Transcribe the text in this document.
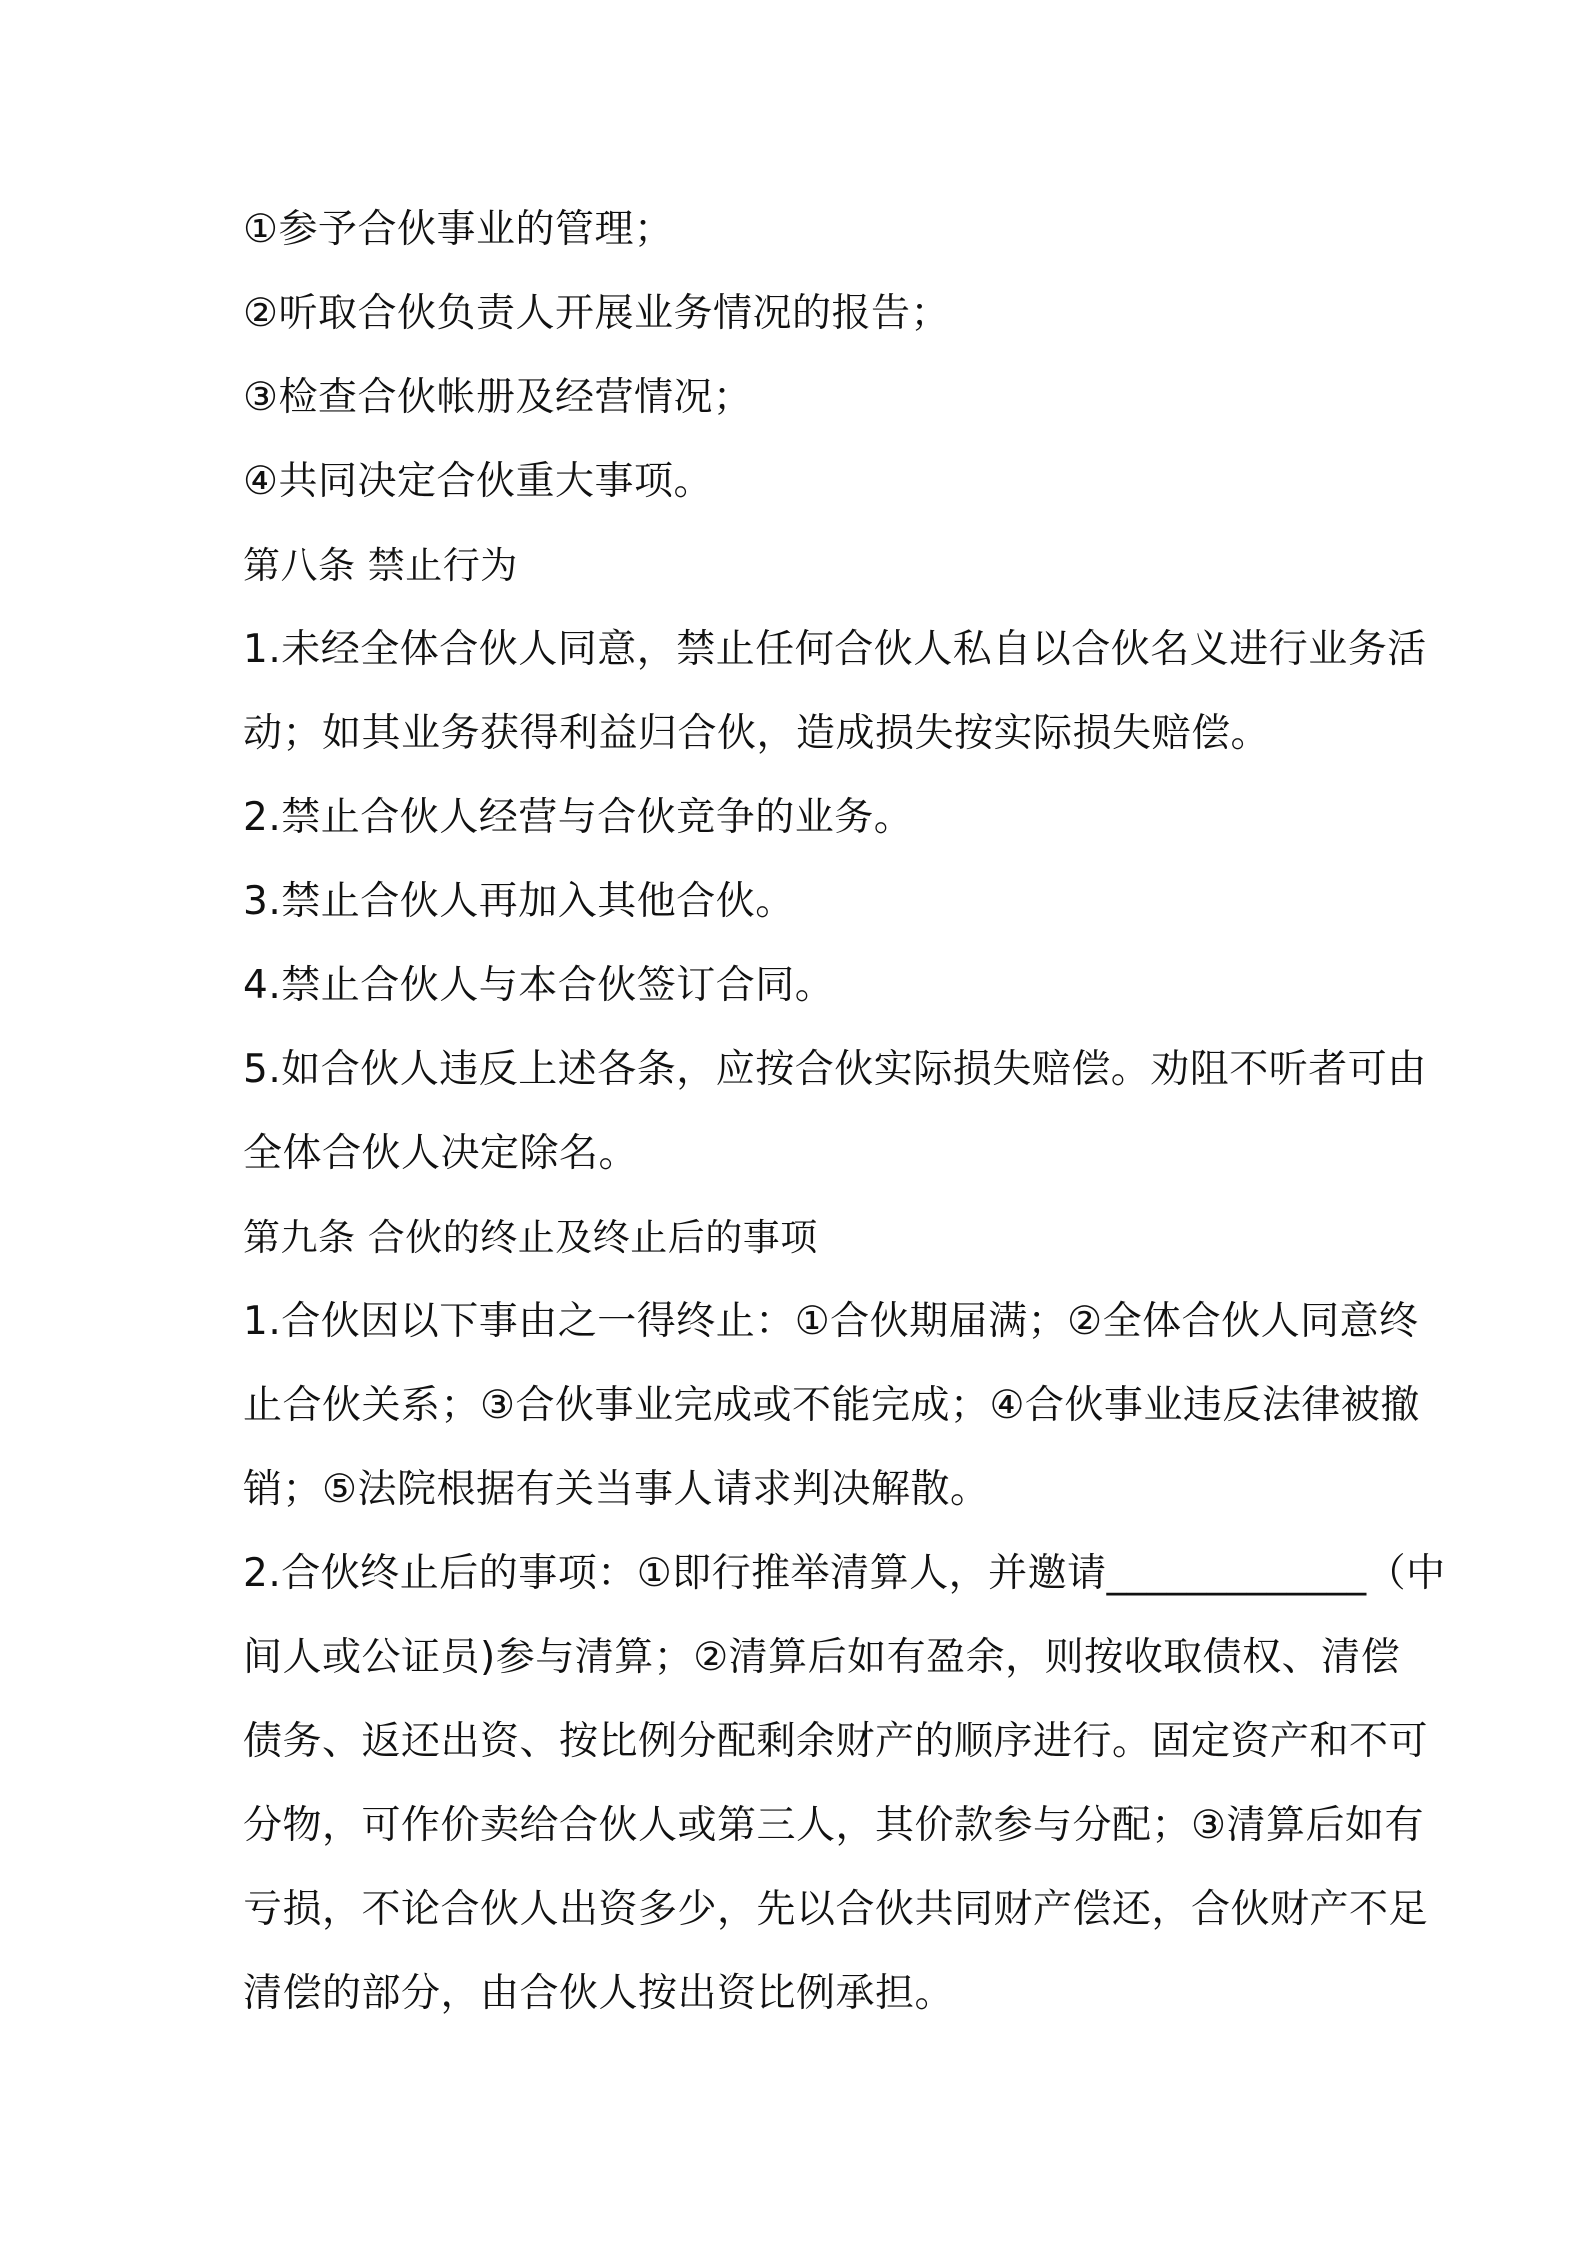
①参予合伙事业的管理；
②听取合伙负责人开展业务情况的报告；
③检查合伙帐册及经营情况；
④共同决定合伙重大事项。
第八条 禁止行为
1.未经全体合伙人同意，禁止任何合伙人私自以合伙名义进行业务活
动；如其业务获得利益归合伙，造成损失按实际损失赔偿。
2.禁止合伙人经营与合伙竞争的业务。
3.禁止合伙人再加入其他合伙。
4.禁止合伙人与本合伙签订合同。
5.如合伙人违反上述各条，应按合伙实际损失赔偿。劝阻不听者可由
全体合伙人决定除名。
第九条 合伙的终止及终止后的事项
1.合伙因以下事由之一得终止：①合伙期届满；②全体合伙人同意终
止合伙关系；③合伙事业完成或不能完成；④合伙事业违反法律被撤
销；⑤法院根据有关当事人请求判决解散。
2.合伙终止后的事项：①即行推举清算人，并邀请_____________（中
间人或公证员)参与清算；②清算后如有盈余，则按收取债权、清偿
债务、返还出资、按比例分配剩余财产的顺序进行。固定资产和不可
分物，可作价卖给合伙人或第三人，其价款参与分配；③清算后如有
亏损，不论合伙人出资多少，先以合伙共同财产偿还，合伙财产不足
清偿的部分，由合伙人按出资比例承担。
